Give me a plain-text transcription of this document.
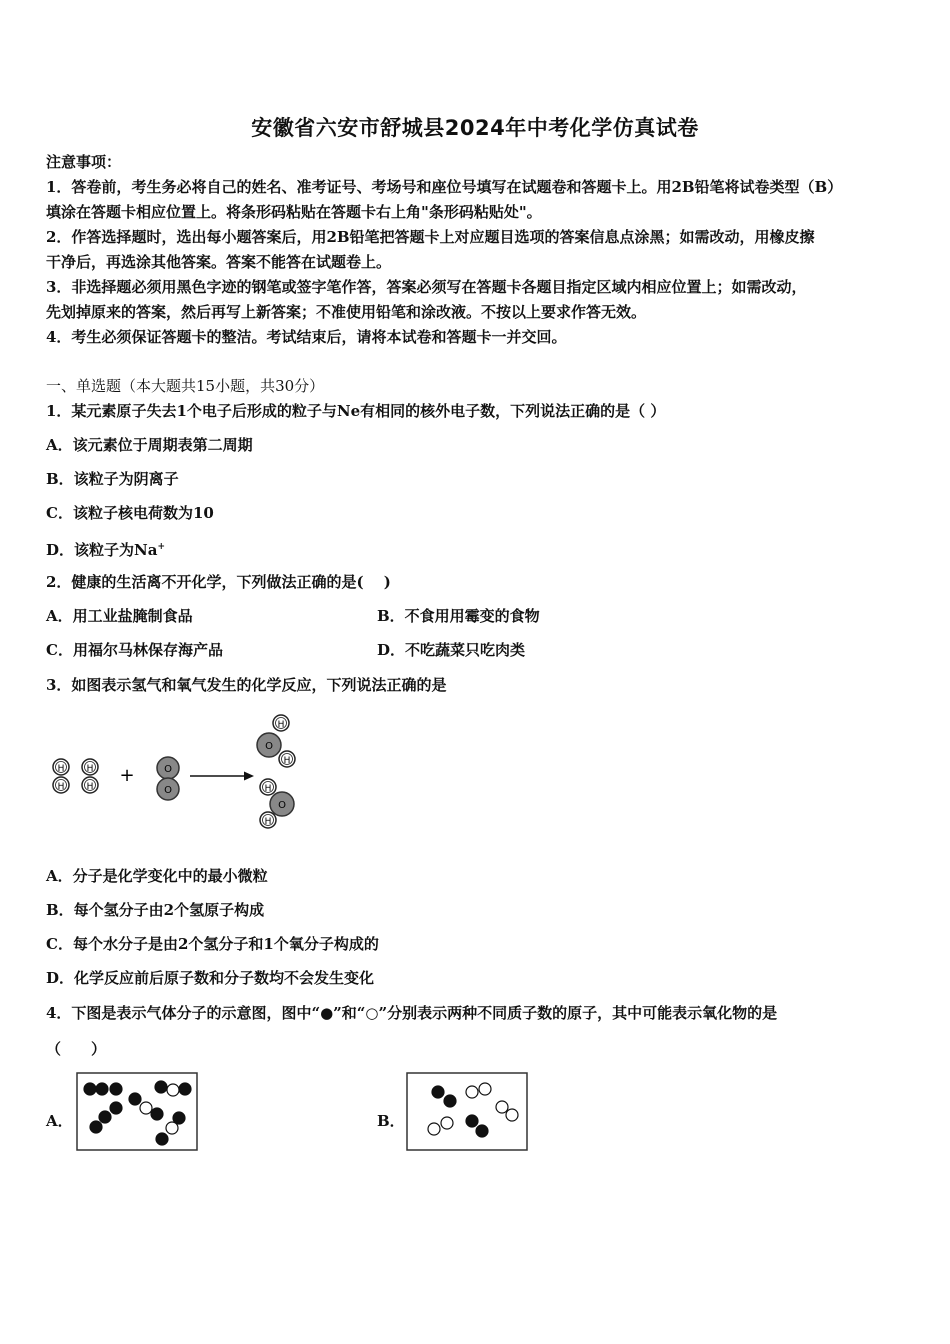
安徽省六安市舒城县2024年中考化学仿真试卷
注意事项：
1．答卷前，考生务必将自己的姓名、准考证号、考场号和座位号填写在试题卷和答题卡上。用2B铅笔将试卷类型（B）
填涂在答题卡相应位置上。将条形码粘贴在答题卡右上角"条形码粘贴处"。
2．作答选择题时，选出每小题答案后，用2B铅笔把答题卡上对应题目选项的答案信息点涂黑；如需改动，用橡皮擦
干净后，再选涂其他答案。答案不能答在试题卷上。
3．非选择题必须用黑色字迹的钢笔或签字笔作答，答案必须写在答题卡各题目指定区域内相应位置上；如需改动，
先划掉原来的答案，然后再写上新答案；不准使用铅笔和涂改液。不按以上要求作答无效。
4．考生必须保证答题卡的整洁。考试结束后，请将本试卷和答题卡一并交回。
一、单选题（本大题共15小题，共30分）
1．某元素原子失去1个电子后形成的粒子与Ne有相同的核外电子数，下列说法正确的是（ ）
A．该元素位于周期表第二周期
B．该粒子为阴离子
C．该粒子核电荷数为10
D．该粒子为Na+
2．健康的生活离不开化学，下列做法正确的是(　 )
A．用工业盐腌制食品	B．不食用用霉变的食物
C．用福尔马林保存海产品	D．不吃蔬菜只吃肉类
3．如图表示氢气和氧气发生的化学反应，下列说法正确的是
H
H
H
H
+	O
O
H
O
H
H
O
H
A．分子是化学变化中的最小微粒
B．每个氢分子由2个氢原子构成
C．每个水分子是由2个氢分子和1个氧分子构成的
D．化学反应前后原子数和分子数均不会发生变化
4．下图是表示气体分子的示意图，图中“●”和“○”分别表示两种不同质子数的原子，其中可能表示氧化物的是
（　　）
A．	B．
